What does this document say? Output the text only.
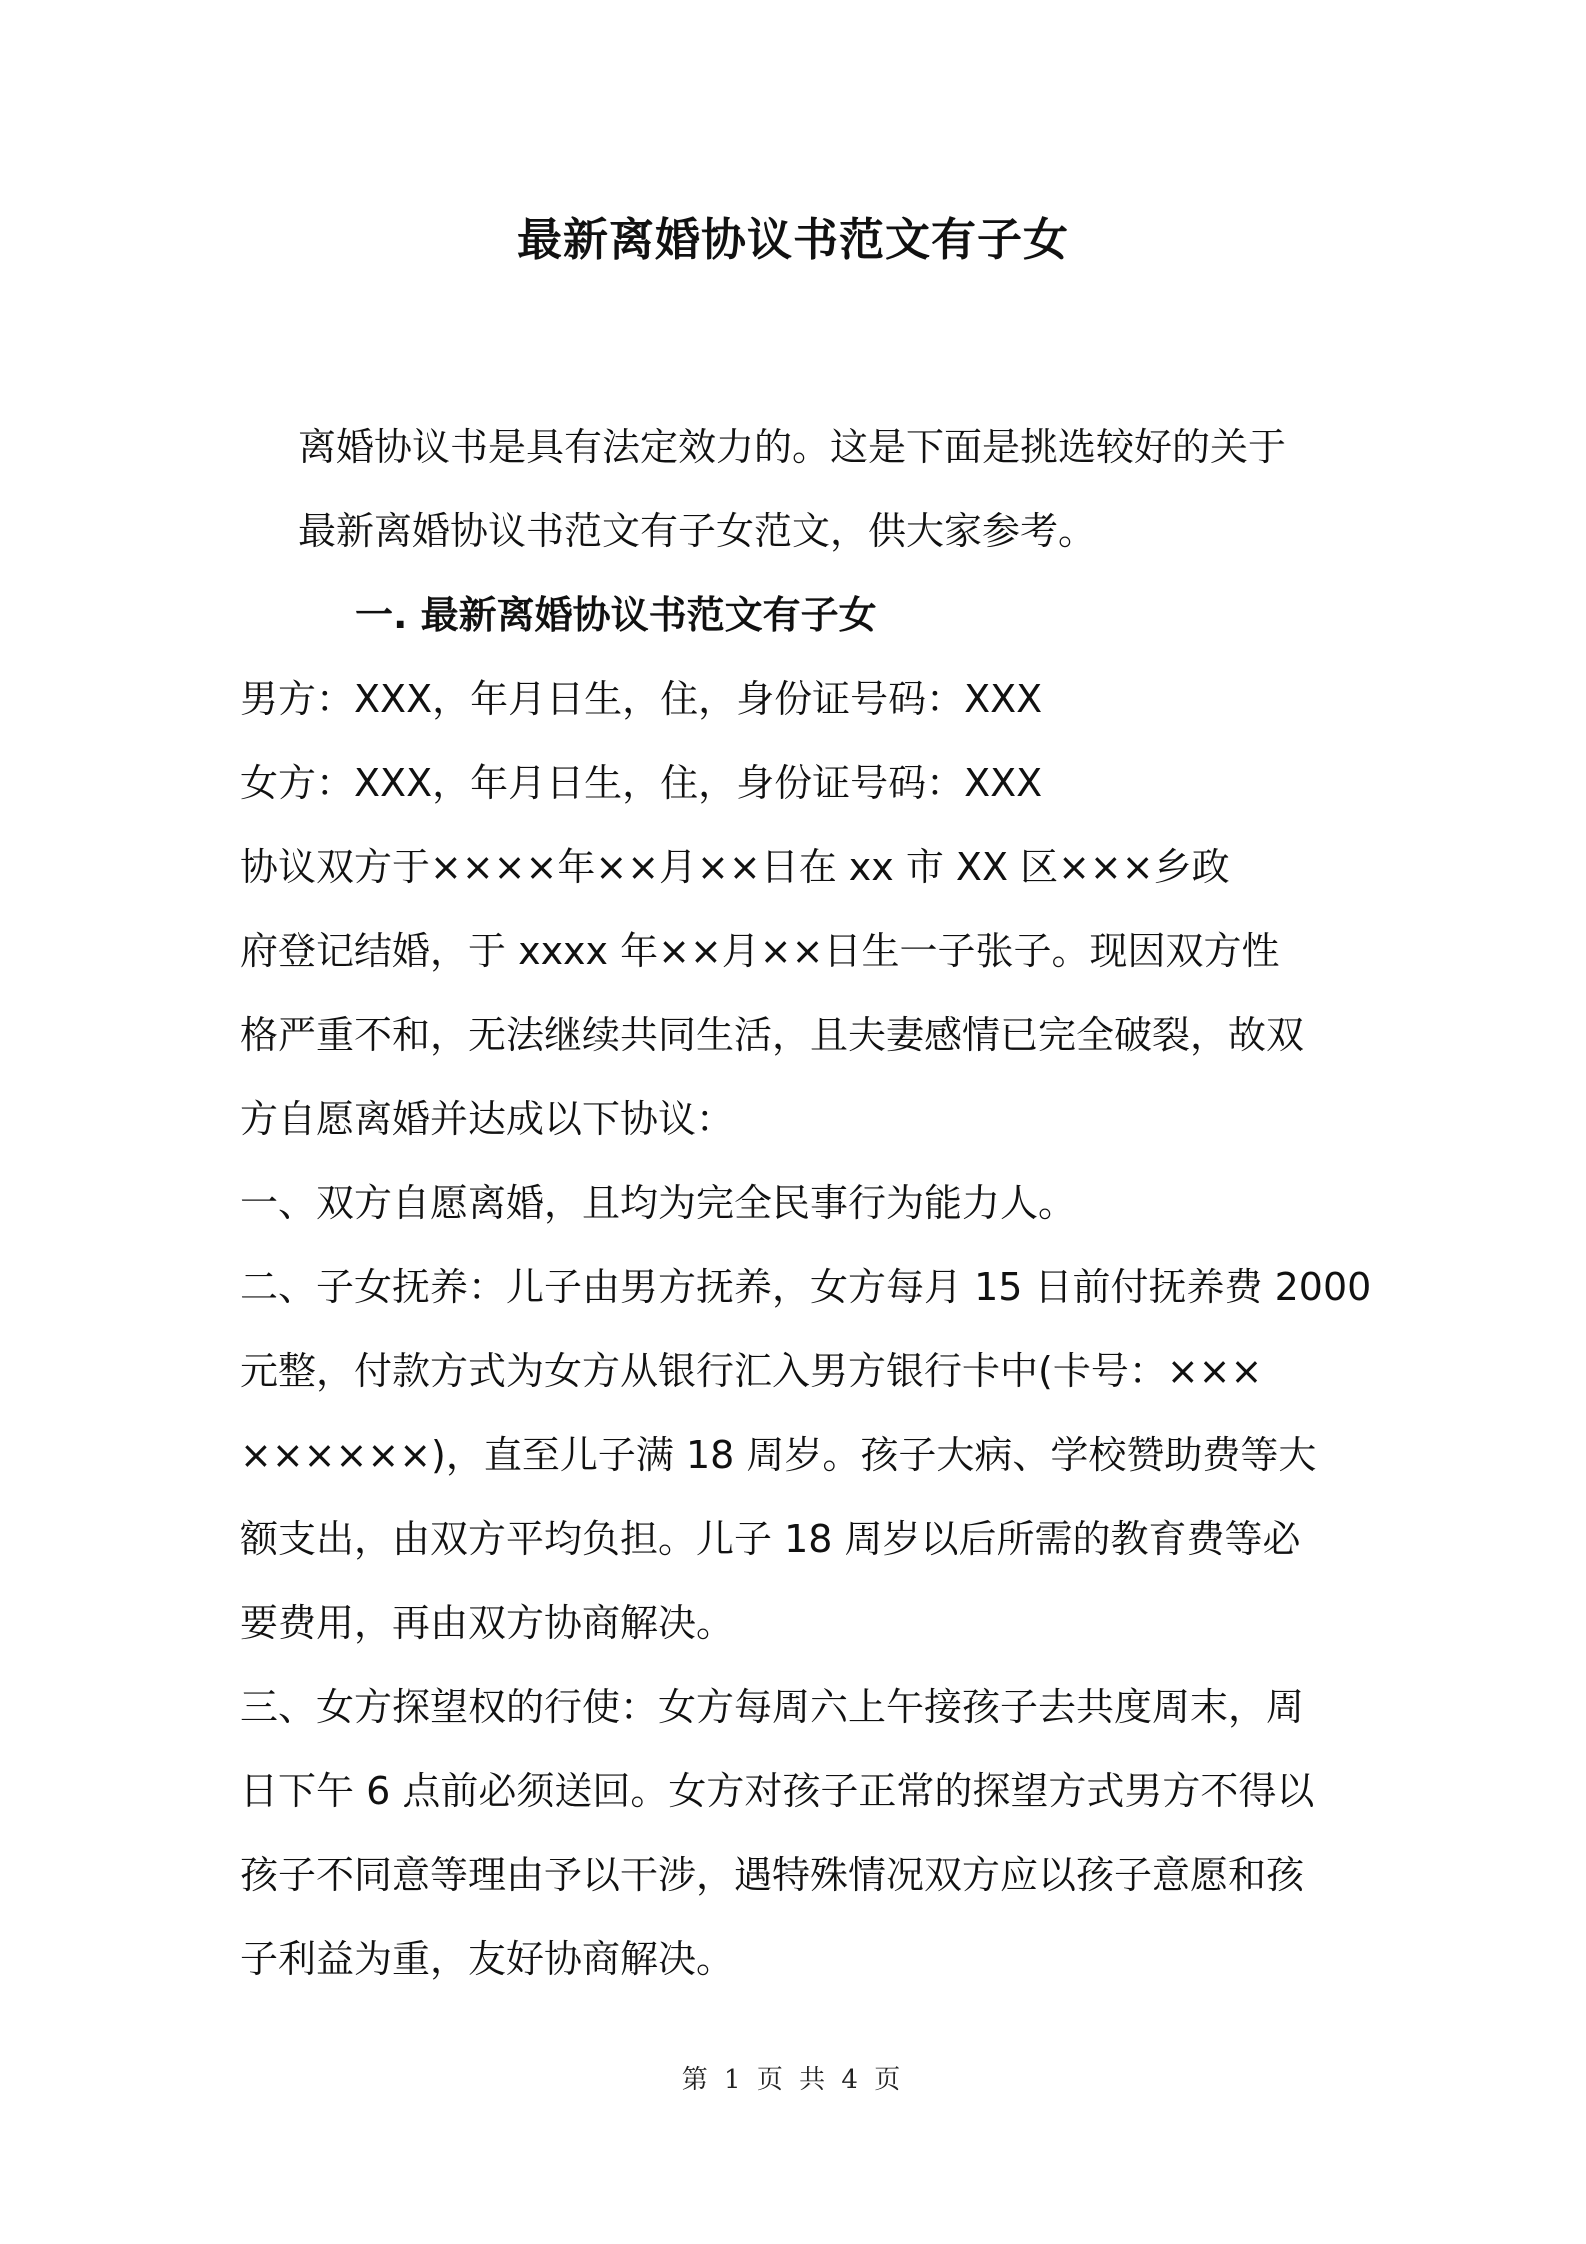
最新离婚协议书范文有子女
离婚协议书是具有法定效力的。这是下面是挑选较好的关于
最新离婚协议书范文有子女范文，供大家参考。
一. 最新离婚协议书范文有子女
男方：XXX，年月日生，住，身份证号码：XXX
女方：XXX，年月日生，住，身份证号码：XXX
协议双方于××××年××月××日在 xx 市 XX 区×××乡政
府登记结婚，于 xxxx 年××月××日生一子张子。现因双方性
格严重不和，无法继续共同生活，且夫妻感情已完全破裂，故双
方自愿离婚并达成以下协议：
一、双方自愿离婚，且均为完全民事行为能力人。
二、子女抚养：儿子由男方抚养，女方每月 15 日前付抚养费 2000
元整，付款方式为女方从银行汇入男方银行卡中(卡号：×××
××××××)，直至儿子满 18 周岁。孩子大病、学校赞助费等大
额支出，由双方平均负担。儿子 18 周岁以后所需的教育费等必
要费用，再由双方协商解决。
三、女方探望权的行使：女方每周六上午接孩子去共度周末，周
日下午 6 点前必须送回。女方对孩子正常的探望方式男方不得以
孩子不同意等理由予以干涉，遇特殊情况双方应以孩子意愿和孩
子利益为重，友好协商解决。
第 1 页 共 4 页
